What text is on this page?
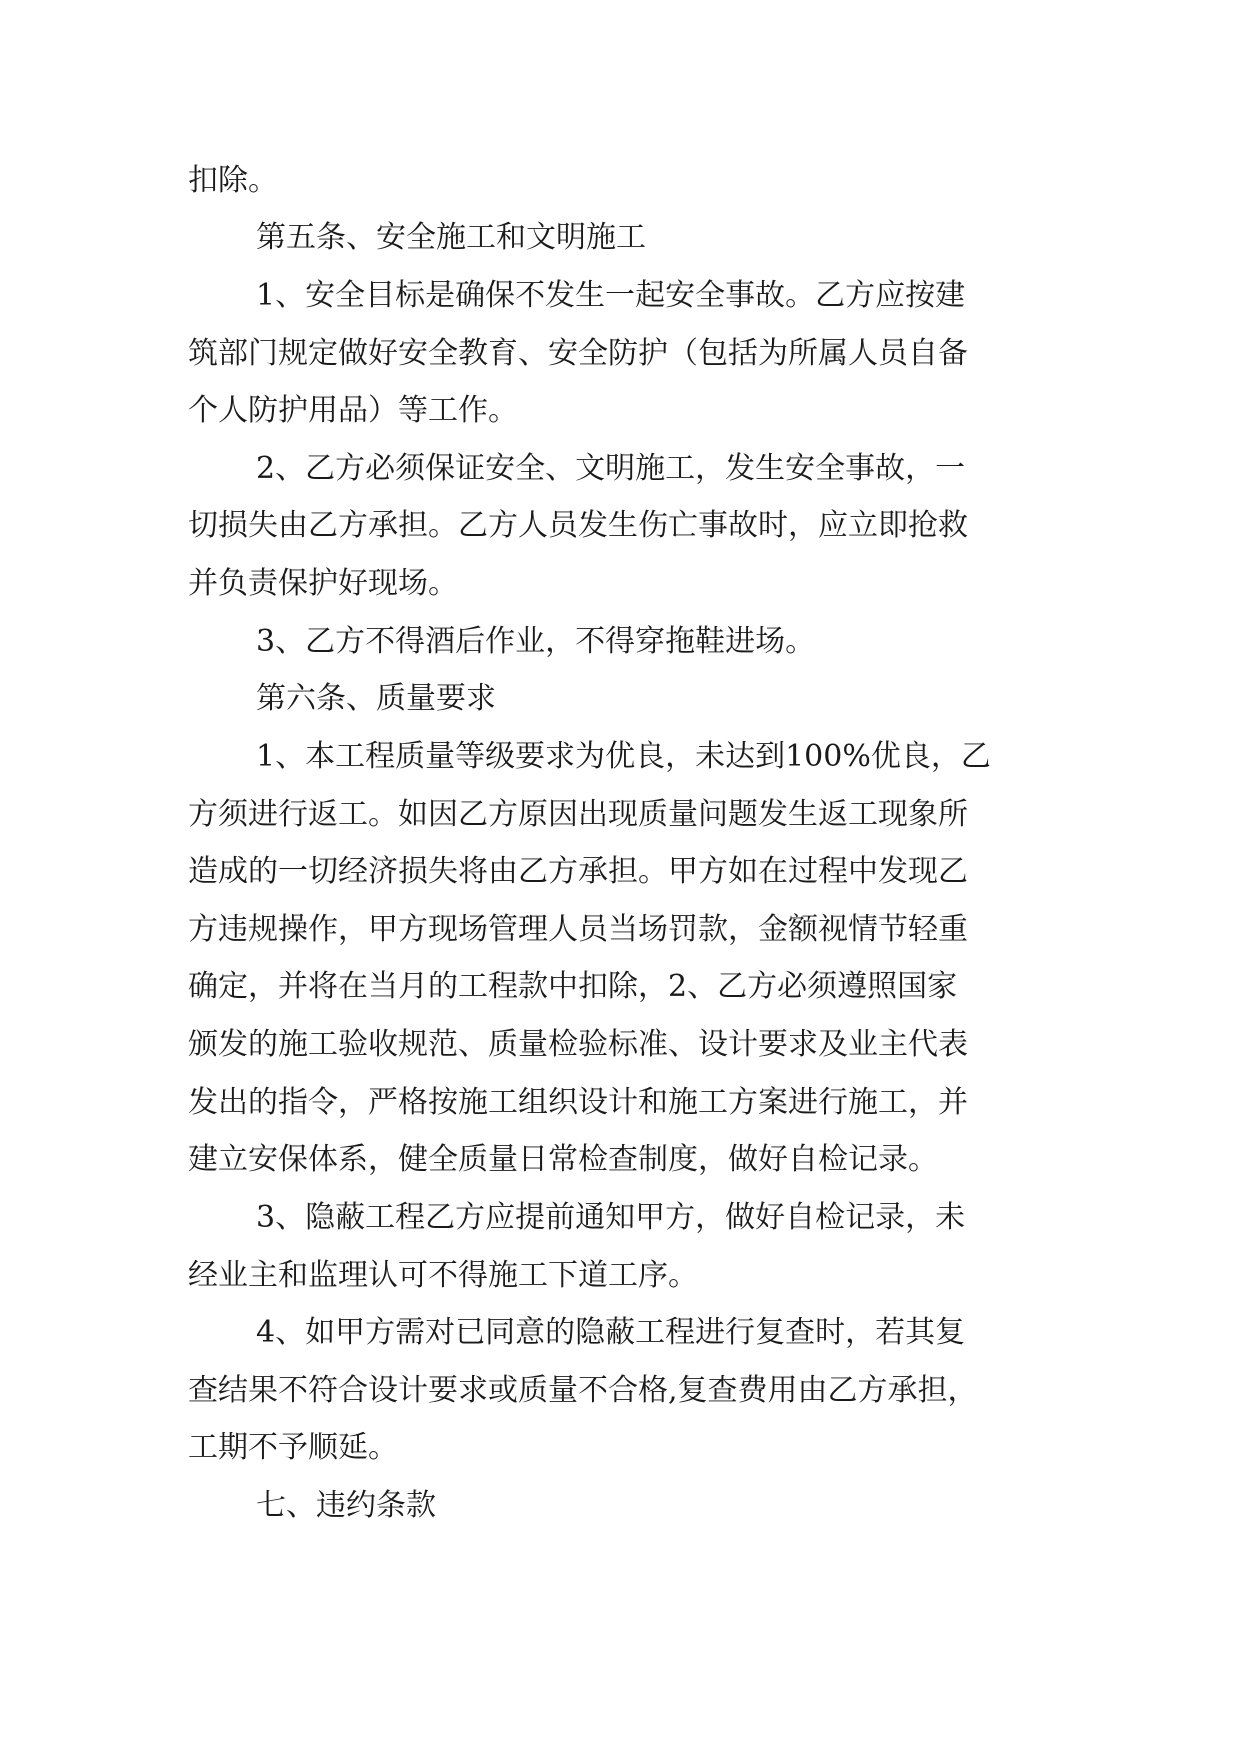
扣除。
第五条、安全施工和文明施工
1、安全目标是确保不发生一起安全事故。乙方应按建
筑部门规定做好安全教育、安全防护（包括为所属人员自备
个人防护用品）等工作。
2、乙方必须保证安全、文明施工，发生安全事故，一
切损失由乙方承担。乙方人员发生伤亡事故时，应立即抢救
并负责保护好现场。
3、乙方不得酒后作业，不得穿拖鞋进场。
第六条、质量要求
1、本工程质量等级要求为优良，未达到100%优良，乙
方须进行返工。如因乙方原因出现质量问题发生返工现象所
造成的一切经济损失将由乙方承担。甲方如在过程中发现乙
方违规操作，甲方现场管理人员当场罚款，金额视情节轻重
确定，并将在当月的工程款中扣除，2、乙方必须遵照国家
颁发的施工验收规范、质量检验标准、设计要求及业主代表
发出的指令，严格按施工组织设计和施工方案进行施工，并
建立安保体系，健全质量日常检查制度，做好自检记录。
3、隐蔽工程乙方应提前通知甲方，做好自检记录，未
经业主和监理认可不得施工下道工序。
4、如甲方需对已同意的隐蔽工程进行复查时，若其复
查结果不符合设计要求或质量不合格,复查费用由乙方承担，
工期不予顺延。
七、违约条款
